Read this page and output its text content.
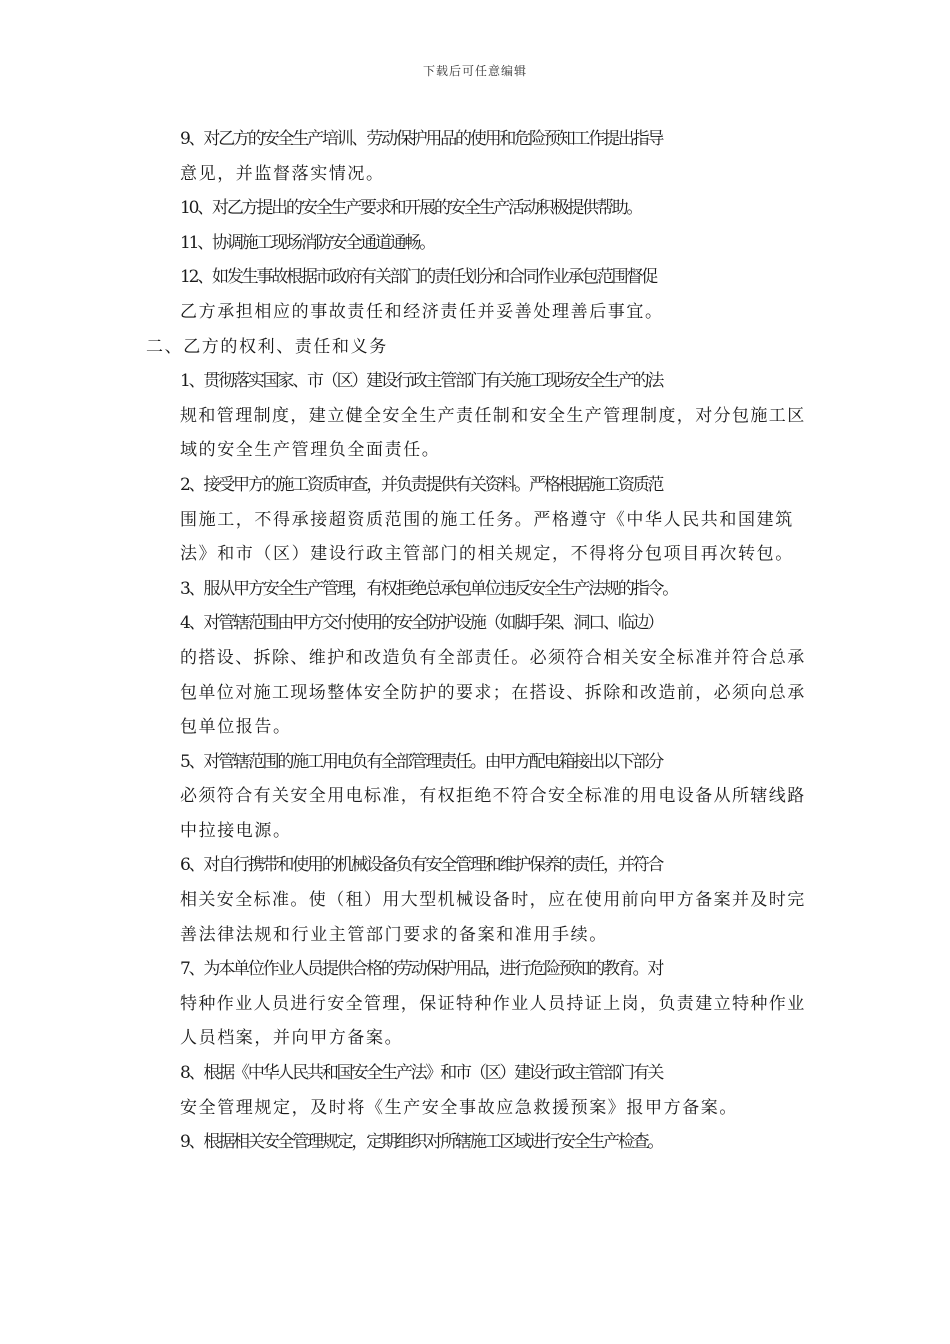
下载后可任意编辑

9、对乙方的安全生产培训、劳动保护用品的使用和危险预知工作提出指导
意见，并监督落实情况。

10、对乙方提出的安全生产要求和开展的安全生产活动积极提供帮助。

11、协调施工现场消防安全通道通畅。

12、如发生事故根据市政府有关部门的责任划分和合同作业承包范围督促
乙方承担相应的事故责任和经济责任并妥善处理善后事宜。

二、乙方的权利、责任和义务

1、贯彻落实国家、市（区）建设行政主管部门有关施工现场安全生产的法
规和管理制度，建立健全安全生产责任制和安全生产管理制度，对分包施工区
域的安全生产管理负全面责任。

2、接受甲方的施工资质审查，并负责提供有关资料。严格根据施工资质范
围施工，不得承接超资质范围的施工任务。严格遵守《中华人民共和国建筑
法》和市（区）建设行政主管部门的相关规定，不得将分包项目再次转包。

3、服从甲方安全生产管理，有权拒绝总承包单位违反安全生产法规的指令。

4、对管辖范围由甲方交付使用的安全防护设施（如脚手架、洞口、临边）
的搭设、拆除、维护和改造负有全部责任。必须符合相关安全标准并符合总承
包单位对施工现场整体安全防护的要求；在搭设、拆除和改造前，必须向总承
包单位报告。

5、对管辖范围的施工用电负有全部管理责任。由甲方配电箱接出以下部分
必须符合有关安全用电标准，有权拒绝不符合安全标准的用电设备从所辖线路
中拉接电源。

6、对自行携带和使用的机械设备负有安全管理和维护保养的责任，并符合
相关安全标准。使（租）用大型机械设备时，应在使用前向甲方备案并及时完
善法律法规和行业主管部门要求的备案和准用手续。

7、为本单位作业人员提供合格的劳动保护用品，进行危险预知的教育。对
特种作业人员进行安全管理，保证特种作业人员持证上岗，负责建立特种作业
人员档案，并向甲方备案。

8、根据《中华人民共和国安全生产法》和市（区）建设行政主管部门有关
安全管理规定，及时将《生产安全事故应急救援预案》报甲方备案。

9、根据相关安全管理规定，定期组织对所辖施工区域进行安全生产检查。
